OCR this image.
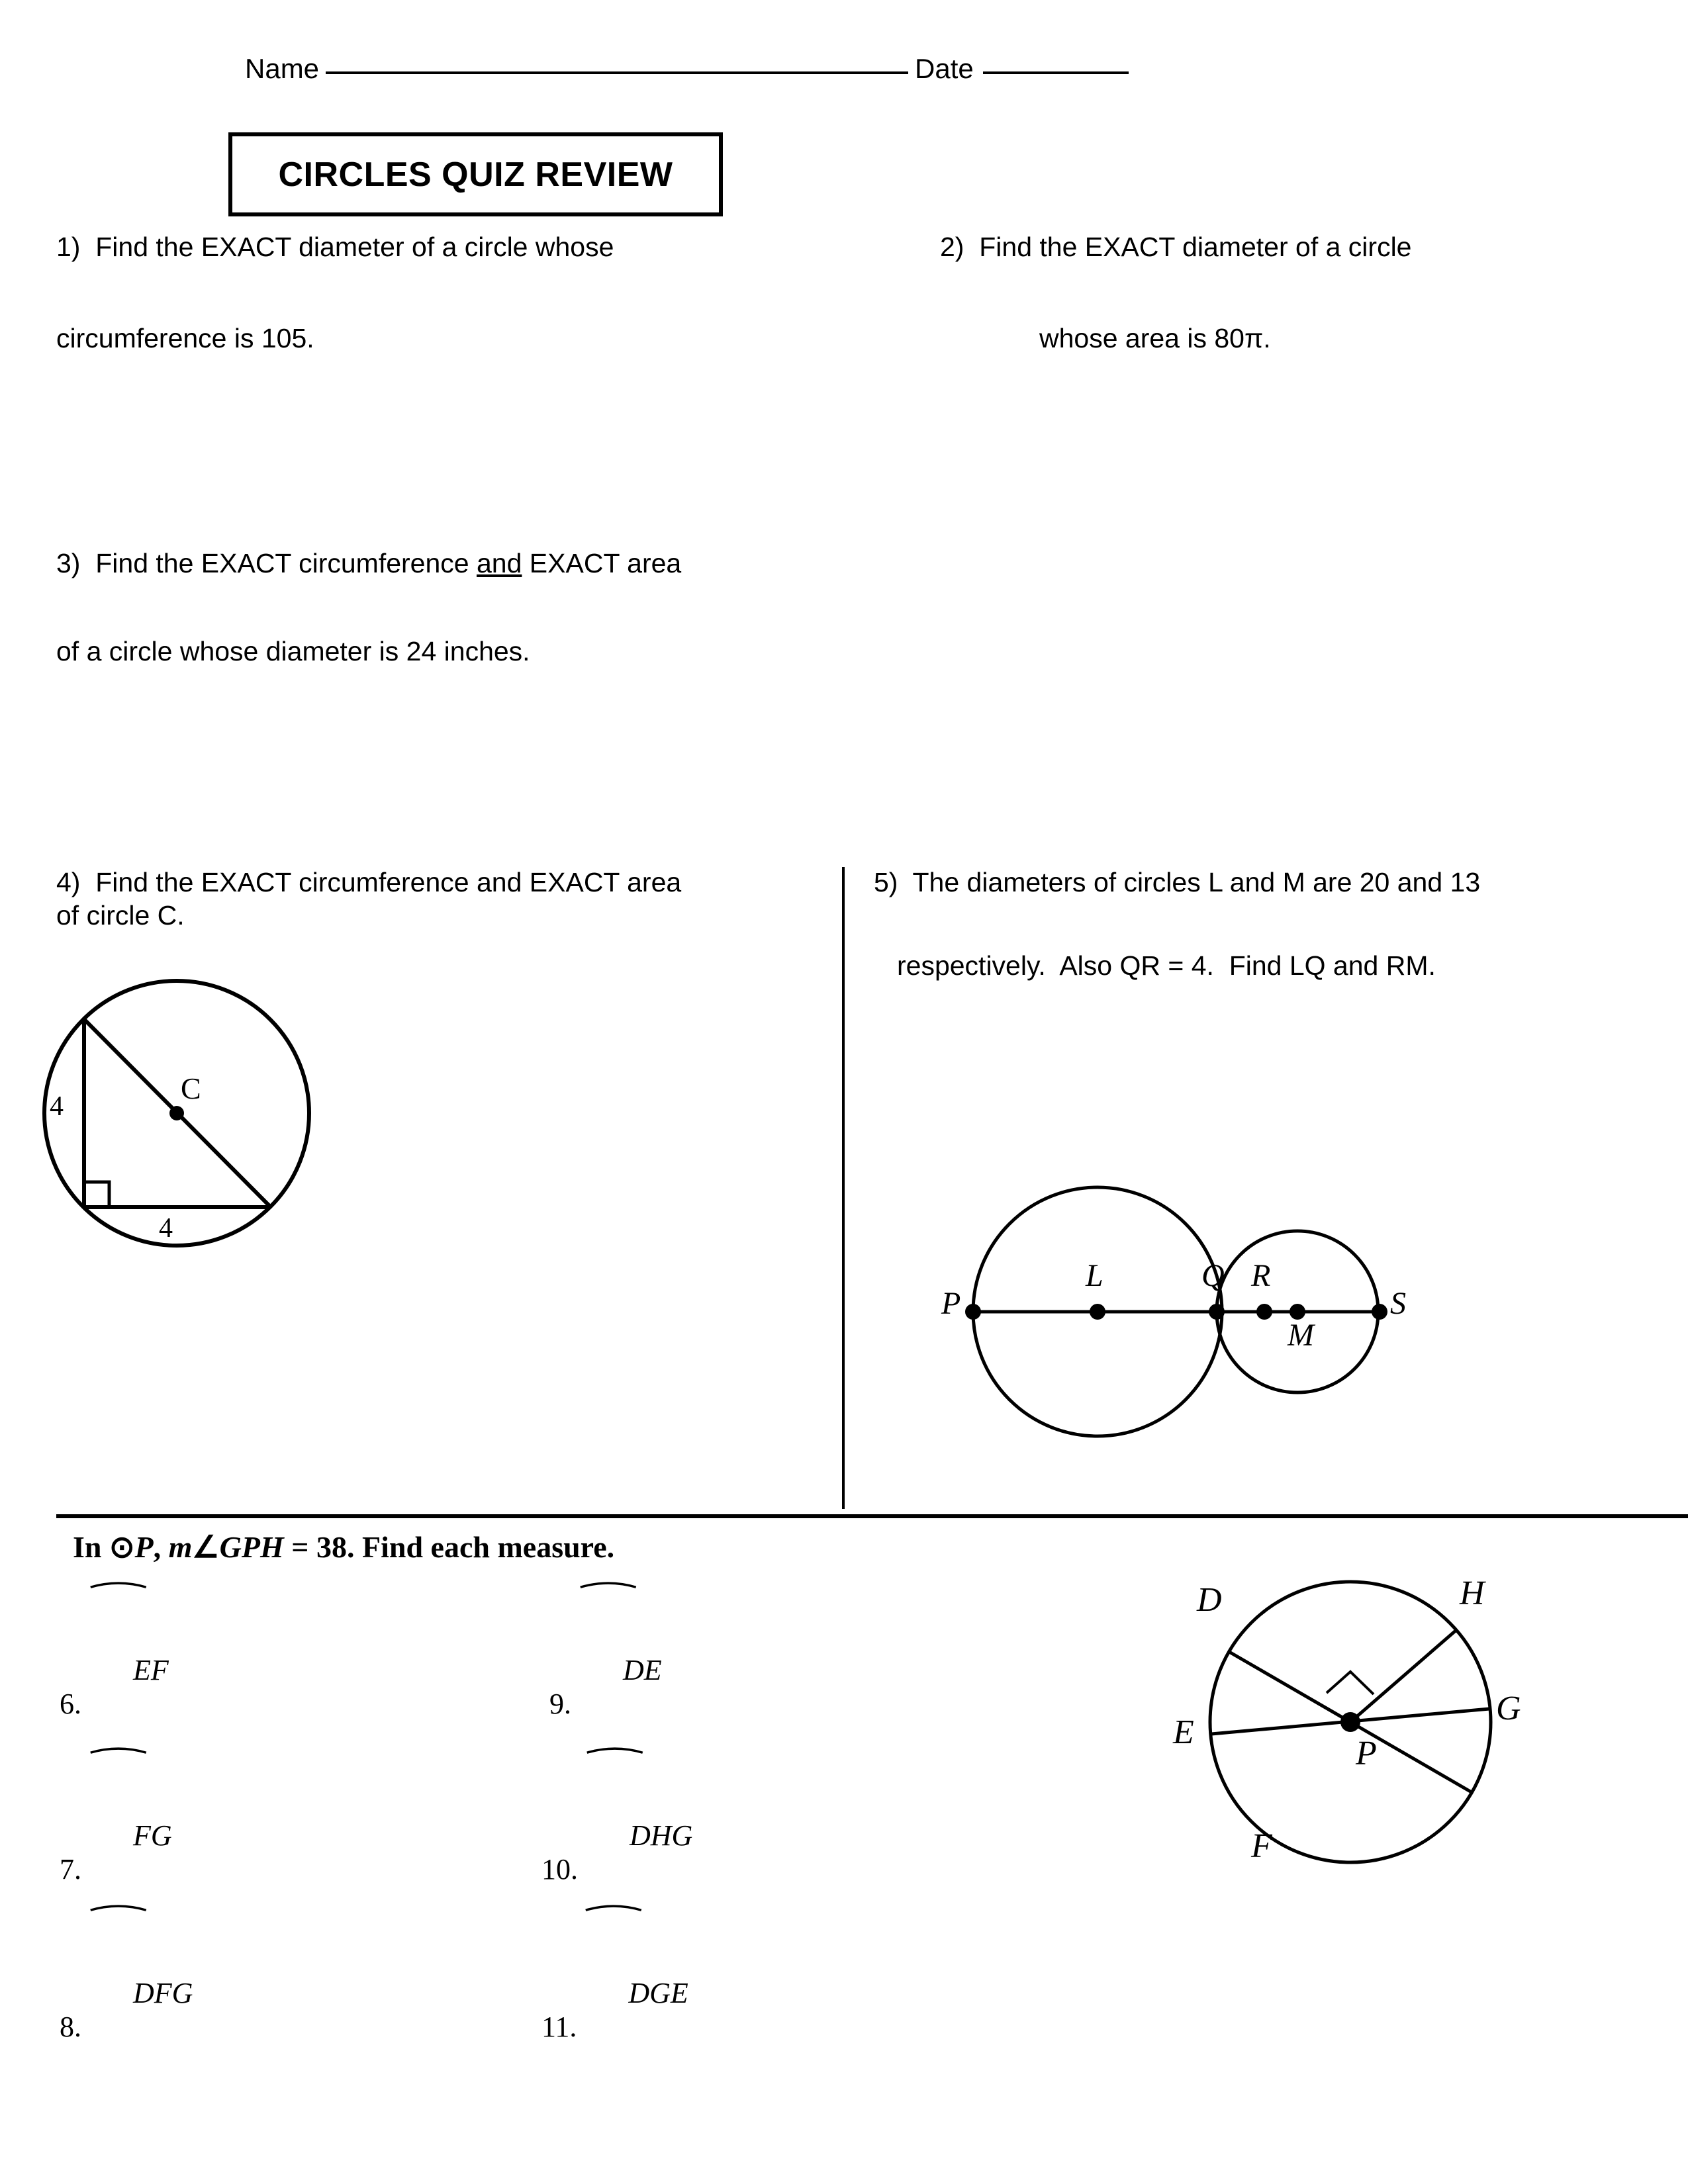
Name	Date
CIRCLES QUIZ REVIEW
1)  Find the EXACT diameter of a circle whose
circumference is 105.
2)  Find the EXACT diameter of a circle
whose area is 80π.
3)  Find the EXACT circumference and EXACT area
of a circle whose diameter is 24 inches.
4)  Find the EXACT circumference and EXACT area
of circle C.
C
4
4
5)  The diameters of circles L and M are 20 and 13
respectively.  Also QR = 4.  Find LQ and RM.
P
L	Q R
M
S
In ⊙P, m∠GPH = 38. Find each measure.
6.

EF

7.

FG

8.

DFG

9.

DE

10.

DHG

11.

DGE

D	H
E
G
P
F
